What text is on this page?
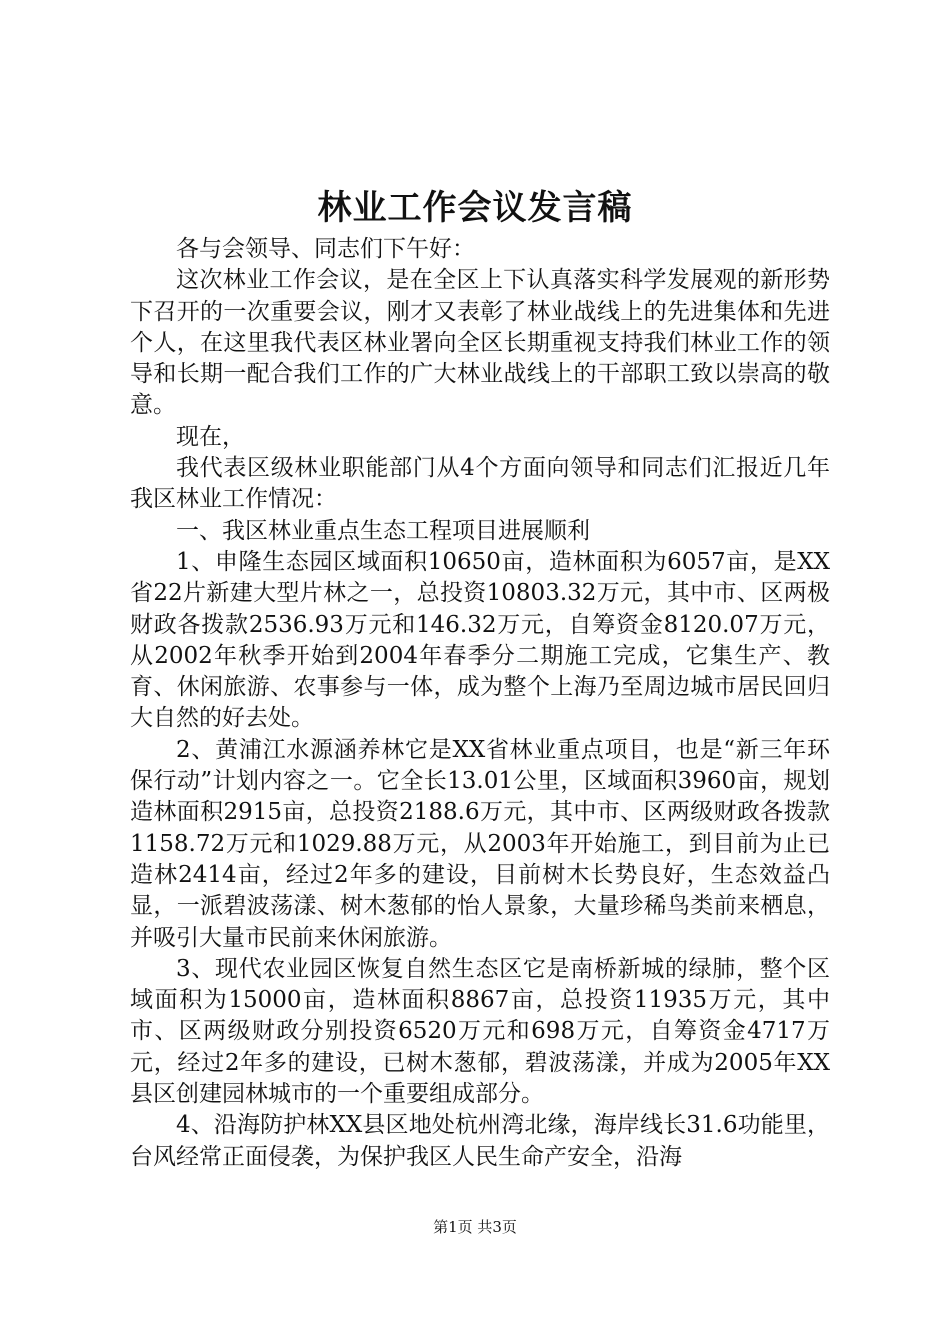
林业工作会议发言稿

各与会领导、同志们下午好：

这次林业工作会议，是在全区上下认真落实科学发展观的新形势下召开的一次重要会议，刚才又表彰了林业战线上的先进集体和先进个人，在这里我代表区林业署向全区长期重视支持我们林业工作的领导和长期一配合我们工作的广大林业战线上的干部职工致以崇高的敬意。

现在，

我代表区级林业职能部门从4个方面向领导和同志们汇报近几年我区林业工作情况：

一、我区林业重点生态工程项目进展顺利

1、申隆生态园区域面积10650亩，造林面积为6057亩，是XX省22片新建大型片林之一，总投资10803.32万元，其中市、区两极财政各拨款2536.93万元和146.32万元，自筹资金8120.07万元，从2002年秋季开始到2004年春季分二期施工完成，它集生产、教育、休闲旅游、农事参与一体，成为整个上海乃至周边城市居民回归大自然的好去处。

2、黄浦江水源涵养林它是XX省林业重点项目，也是“新三年环保行动”计划内容之一。它全长13.01公里，区域面积3960亩，规划造林面积2915亩，总投资2188.6万元，其中市、区两级财政各拨款1158.72万元和1029.88万元，从2003年开始施工，到目前为止已造林2414亩，经过2年多的建设，目前树木长势良好，生态效益凸显，一派碧波荡漾、树木葱郁的怡人景象，大量珍稀鸟类前来栖息，并吸引大量市民前来休闲旅游。

3、现代农业园区恢复自然生态区它是南桥新城的绿肺，整个区域面积为15000亩，造林面积8867亩，总投资11935万元，其中市、区两级财政分别投资6520万元和698万元，自筹资金4717万元，经过2年多的建设，已树木葱郁，碧波荡漾，并成为2005年XX县区创建园林城市的一个重要组成部分。

4、沿海防护林XX县区地处杭州湾北缘，海岸线长31.6功能里，台风经常正面侵袭，为保护我区人民生命产安全，沿海

第1页 共3页
